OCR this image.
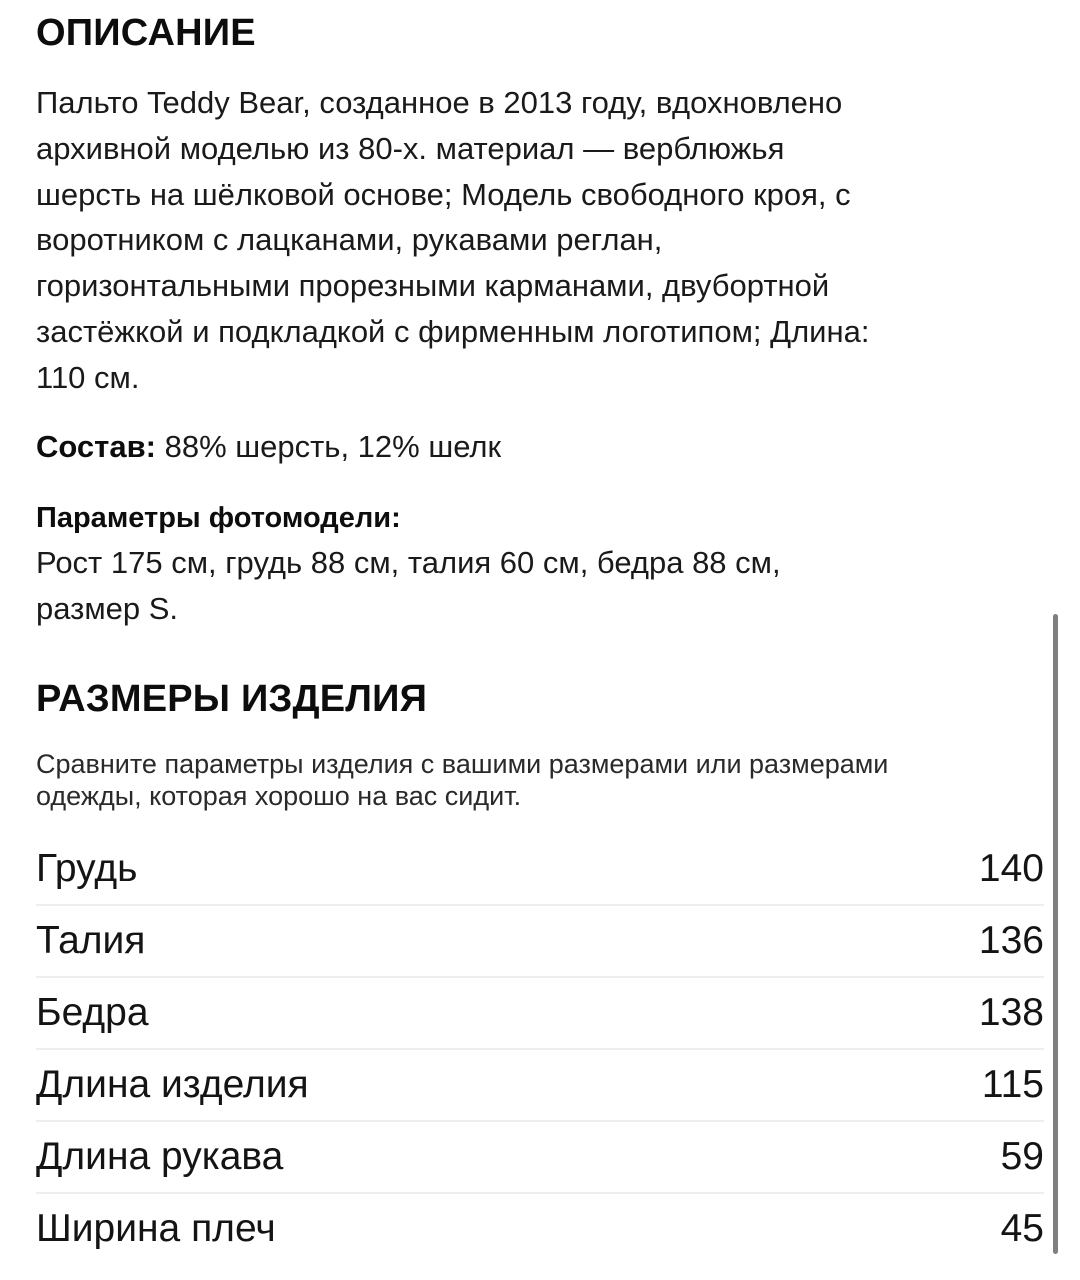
ОПИСАНИЕ
Пальто Teddy Bear, созданное в 2013 году, вдохновлено
архивной моделью из 80-х. материал — верблюжья
шерсть на шёлковой основе; Модель свободного кроя, с
воротником с лацканами, рукавами реглан,
горизонтальными прорезными карманами, двубортной
застёжкой и подкладкой с фирменным логотипом; Длина:
110 см.
Состав: 88% шерсть, 12% шелк
Параметры фотомодели:
Рост 175 см, грудь 88 см, талия 60 см, бедра 88 см,
размер S.
РАЗМЕРЫ ИЗДЕЛИЯ
Сравните параметры изделия с вашими размерами или размерами
одежды, которая хорошо на вас сидит.
Грудь	140
Талия	136
Бедра	138
Длина изделия	115
Длина рукава	59
Ширина плеч	45
